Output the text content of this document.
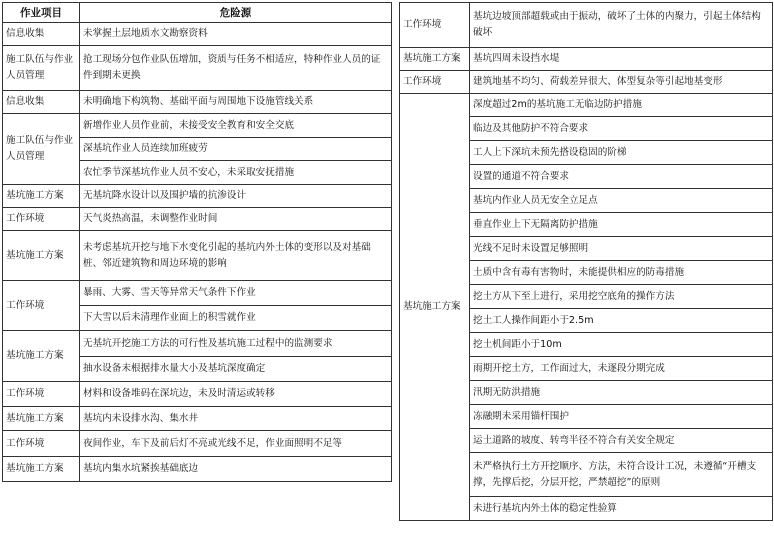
作业项目	危险源
信息收集	未掌握土层地质水文勘察资料
施工队伍与作业人员管理	抢工现场分包作业队伍增加，资质与任务不相适应，特种作业人员的证件到期未更换
信息收集	未明确地下构筑物、基础平面与周围地下设施管线关系
施工队伍与作业人员管理	新增作业人员作业前，未接受安全教育和安全交底
	深基坑作业人员连续加班疲劳
	农忙季节深基坑作业人员不安心，未采取安抚措施
基坑施工方案	无基坑降水设计以及围护墙的抗渗设计
工作环境	天气炎热高温，未调整作业时间
基坑施工方案	未考虑基坑开挖与地下水变化引起的基坑内外土体的变形以及对基础桩、邻近建筑物和周边环境的影响
工作环境	暴雨、大雾、雪天等异常天气条件下作业
	下大雪以后未清理作业面上的积雪就作业
基坑施工方案	无基坑开挖施工方法的可行性及基坑施工过程中的监测要求
	抽水设备未根据排水量大小及基坑深度确定
工作环境	材料和设备堆码在深坑边，未及时清运或转移
基坑施工方案	基坑内未设排水沟、集水井
工作环境	夜间作业，车下及前后灯不亮或光线不足，作业面照明不足等
基坑施工方案	基坑内集水坑紧挨基础底边
工作环境	基坑边坡顶部超载或由于振动，破坏了土体的内聚力，引起土体结构破坏
基坑施工方案	基坑四周未设挡水堤
工作环境	建筑地基不均匀、荷载差异很大、体型复杂等引起地基变形
基坑施工方案	深度超过2m的基坑施工无临边防护措施
	临边及其他防护不符合要求
	工人上下深坑未预先搭设稳固的阶梯
	设置的通道不符合要求
	基坑内作业人员无安全立足点
	垂直作业上下无隔离防护措施
	光线不足时未设置足够照明
	土质中含有毒有害物时，未能提供相应的防毒措施
	挖土方从下至上进行，采用挖空底角的操作方法
	挖土工人操作间距小于2.5m
	挖土机间距小于10m
	雨期开挖土方，工作面过大，未逐段分期完成
	汛期无防洪措施
	冻融期未采用锚杆围护
	运土道路的坡度、转弯半径不符合有关安全规定
	未严格执行土方开挖顺序、方法，未符合设计工况，未遵循“开槽支撑，先撑后挖，分层开挖，严禁超挖”的原则
	未进行基坑内外土体的稳定性验算
